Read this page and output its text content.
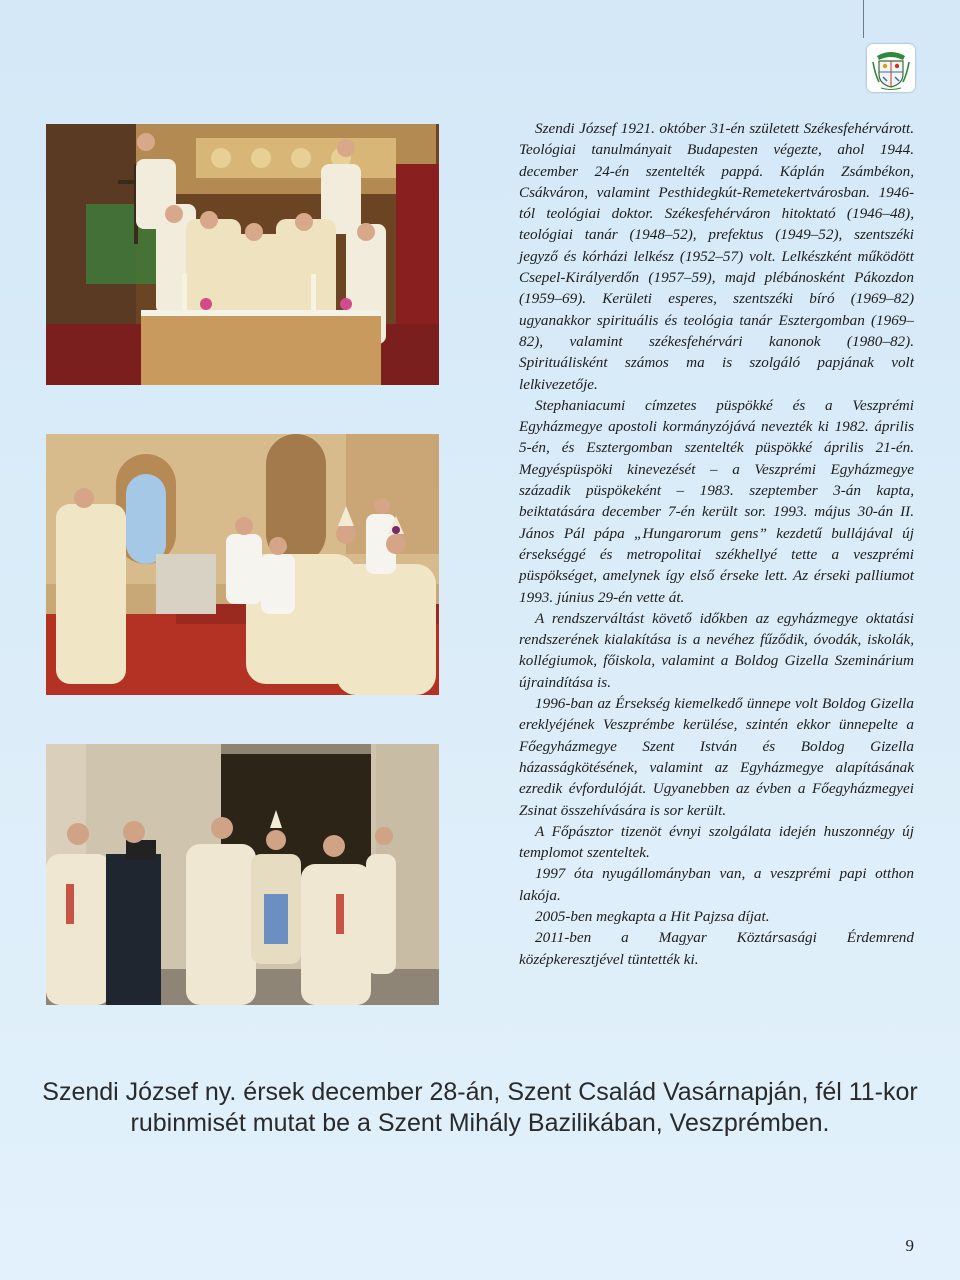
Szendi József 1921. október 31-én született Székesfehérvárott. Teológiai tanulmányait Budapesten végezte, ahol 1944. december 24-én szentelték pappá. Káplán Zsámbékon, Csákváron, valamint Pesthidegkút-Remetekertvárosban. 1946-tól teológiai doktor. Székesfehérváron hitoktató (1946–48), teológiai tanár (1948–52), prefektus (1949–52), szentszéki jegyző és kórházi lelkész (1952–57) volt. Lelkészként működött Csepel-Királyerdőn (1957–59), majd plébánosként Pákozdon (1959–69). Kerületi esperes, szentszéki bíró (1969–82) ugyanakkor spirituális és teológia tanár Esztergomban (1969–82), valamint székesfehérvári kanonok (1980–82). Spirituálisként számos ma is szolgáló papjának volt lelkivezetője.

Stephaniacumi címzetes püspökké és a Veszprémi Egyházmegye apostoli kormányzójává nevezték ki 1982. április 5-én, és Esztergomban szentelték püspökké április 21-én. Megyéspüspöki kinevezését – a Veszprémi Egyházmegye századik püspökeként – 1983. szeptember 3-án kapta, beiktatására december 7-én került sor. 1993. május 30-án II. János Pál pápa „Hungarorum gens” kezdetű bullájával új érsekséggé és metropolitai székhellyé tette a veszprémi püspökséget, amelynek így első érseke lett. Az érseki palliumot 1993. június 29-én vette át.

A rendszerváltást követő időkben az egyházmegye oktatási rendszerének kialakítása is a nevéhez fűződik, óvodák, iskolák, kollégiumok, főiskola, valamint a Boldog Gizella Szeminárium újraindítása is.

1996-ban az Érsekség kiemelkedő ünnepe volt Boldog Gizella ereklyéjének Veszprémbe kerülése, szintén ekkor ünnepelte a Főegyházmegye Szent István és Boldog Gizella házasságkötésének, valamint az Egyházmegye alapításának ezredik évfordulóját. Ugyanebben az évben a Főegyházmegyei Zsinat összehívására is sor került.

A Főpásztor tizenöt évnyi szolgálata idején huszonnégy új templomot szenteltek.

1997 óta nyugállományban van, a veszprémi papi otthon lakója.

2005-ben megkapta a Hit Pajzsa díjat.

2011-ben a Magyar Köztársasági Érdemrend középkeresztjével tüntették ki.

Szendi József ny. érsek december 28-án, Szent Család Vasárnapján, fél 11-kor
rubinmisét mutat be a Szent Mihály Bazilikában, Veszprémben.
9
